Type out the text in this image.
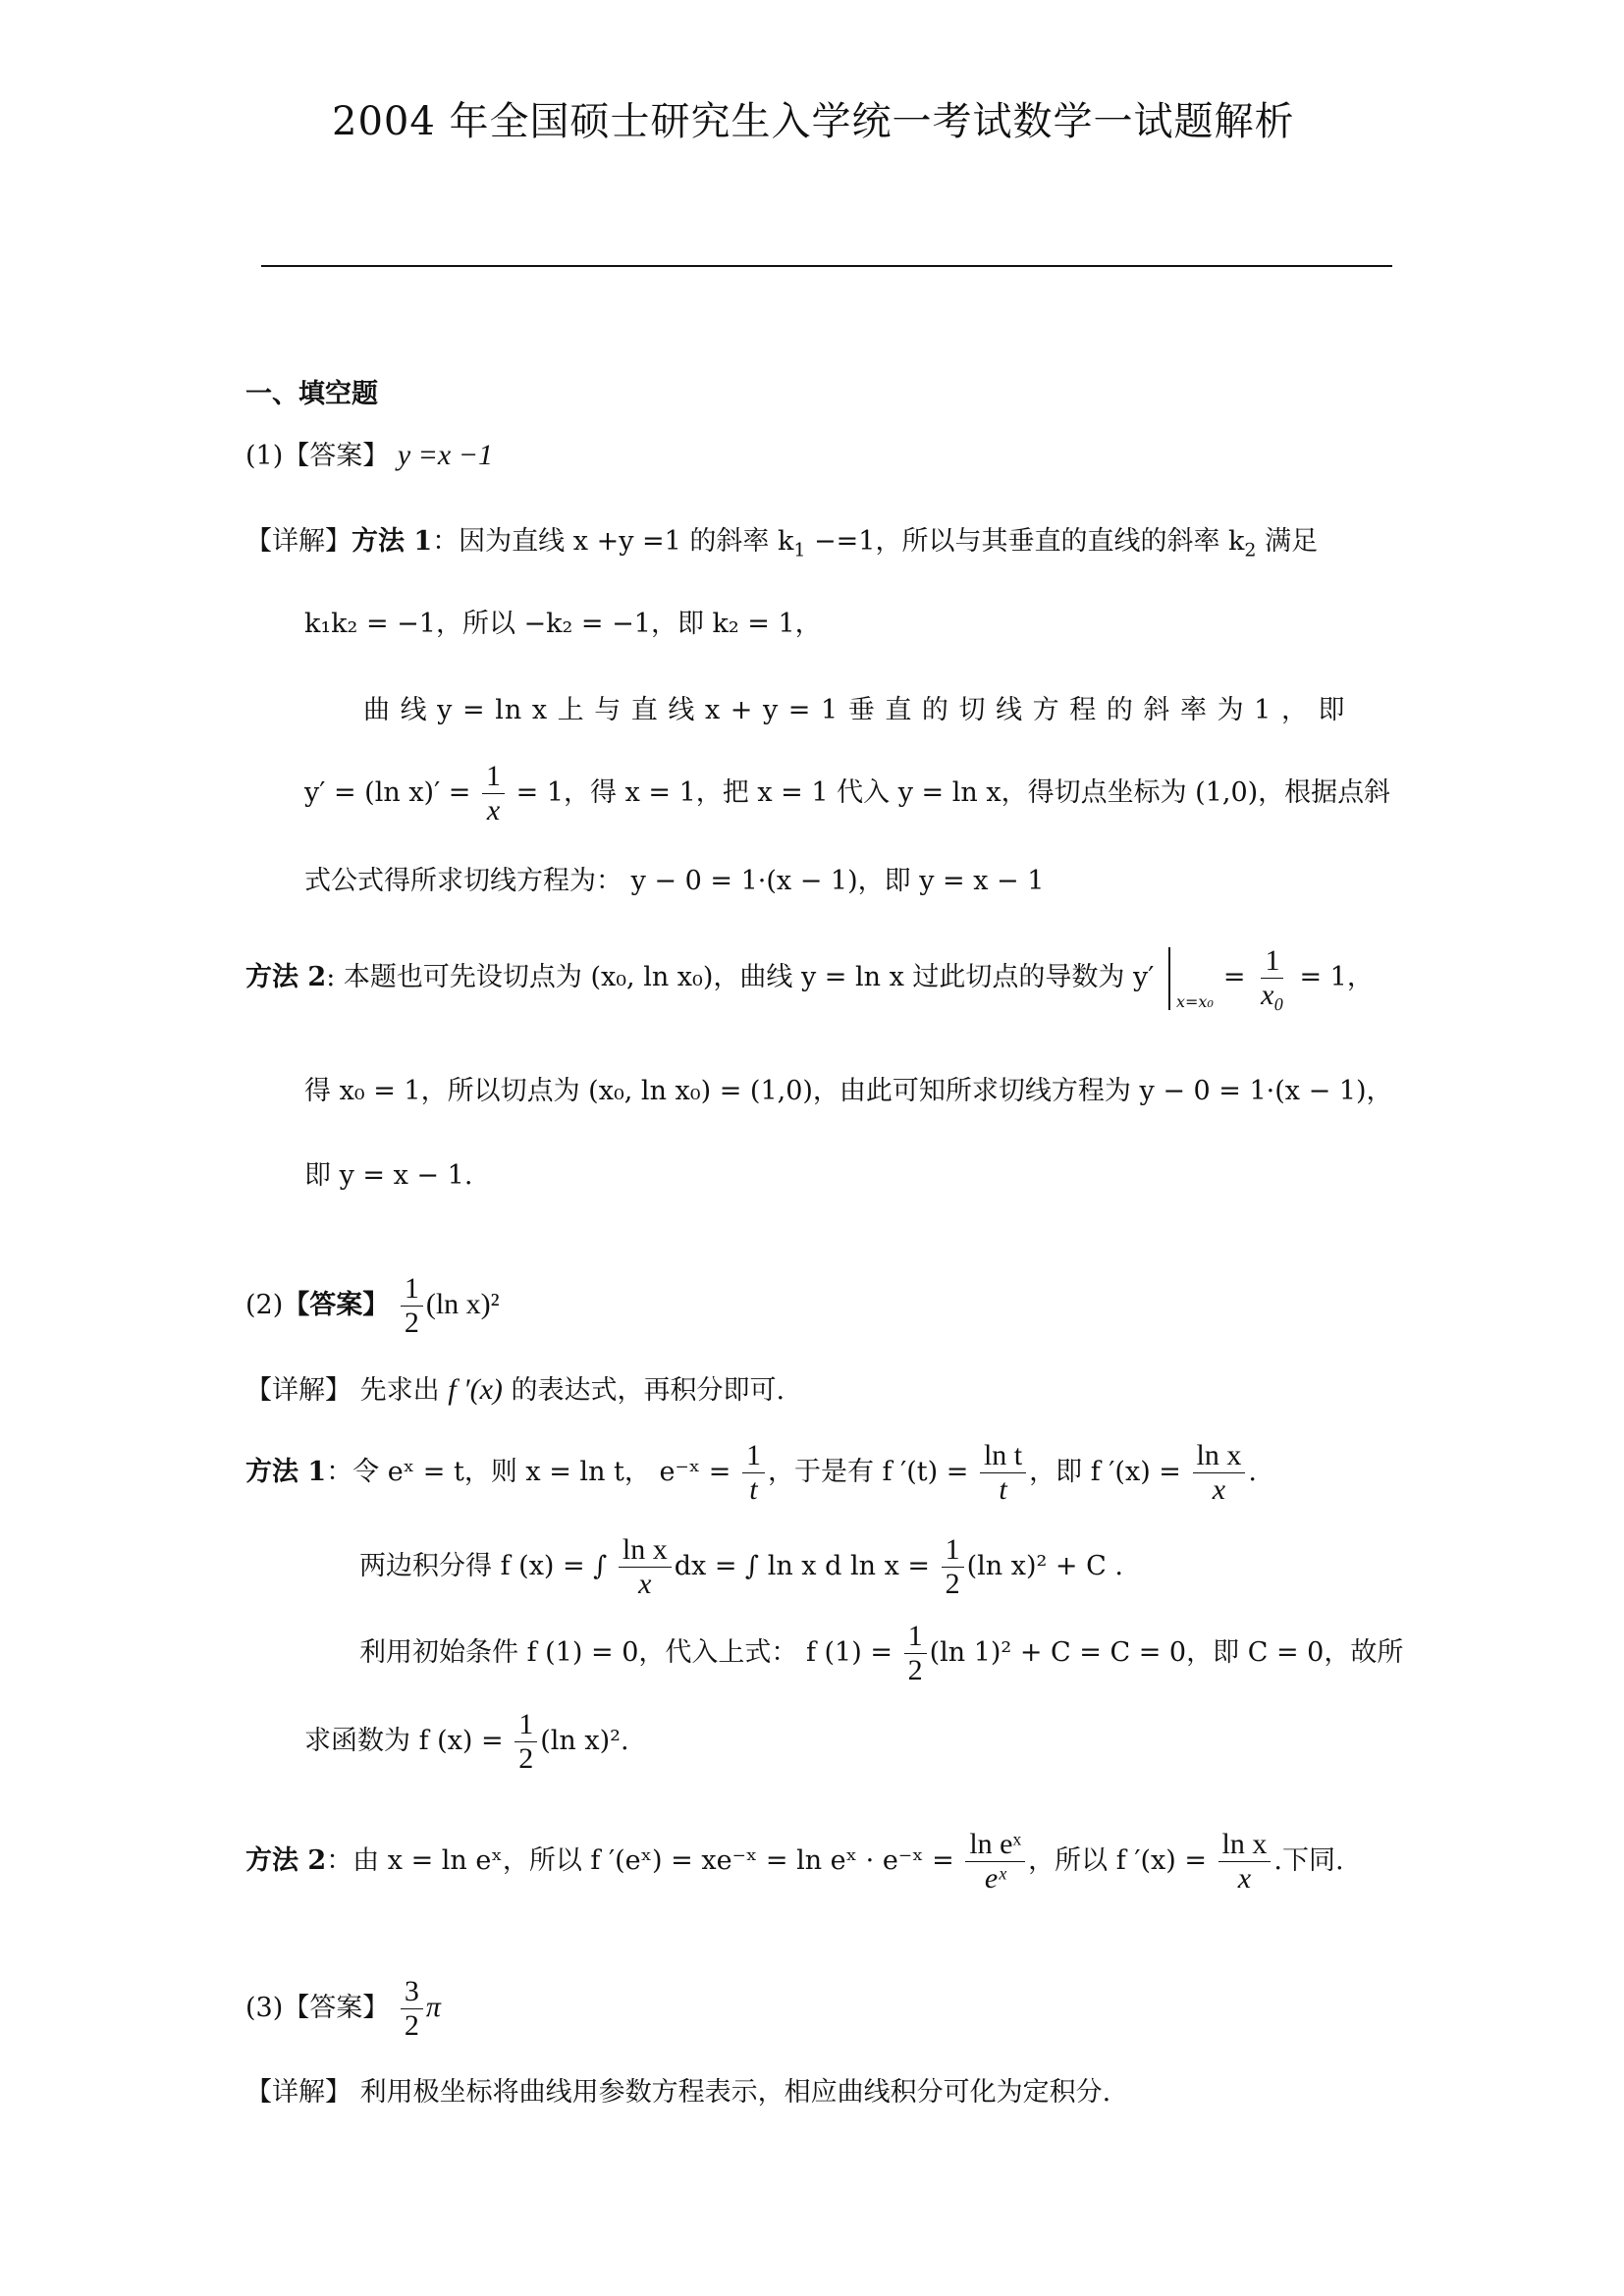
2004 年全国硕士研究生入学统一考试数学一试题解析
一、填空题
(1)【答案】 y =x −1
【详解】方法 1：因为直线 x +y =1 的斜率 $k_1 -=1$，所以与其垂直的直线的斜率 $k_2$ 满足
k₁k₂ = −1，所以 −k₂ = −1，即 k₂ = 1，
曲 线 y = ln x 上 与 直 线 x + y = 1 垂 直 的 切 线 方 程 的 斜 率 为 1 ， 即
y′ = (ln $x)' = \frac{1}{x} = 1$，得 x = 1，把 x = 1 代入 y = ln x，得切点坐标为 (1,0)，根据点斜
式公式得所求切线方程为： y − 0 = 1·(x − 1)，即 y = x − 1
方法 2: 本题也可先设切点为 (x₀, ln x₀)，曲线 y = ln x 过此切点的导数为 y′ $_{x=x_0}= \frac{1}{\text{x₀}} = 1$，
得 x₀ = 1，所以切点为 (x₀, ln x₀) = (1,0)，由此可知所求切线方程为 y − 0 = 1·(x − 1)，
即 y = x − 1.
(2)【答案】 $\frac{1}{2} (\ln$ x)²
【详解】 先求出 f ′(x) 的表达式，再积分即可.
方法 1：令 eˣ = t，则 x = ln t， e⁻ˣ = $\frac{1}{t}$ ，于是有 f $'(t) = \frac{\text{ln t}}{t}$ ，即 f $'(x) = \frac{\text{ln x}}{x}$ .
两边积分得 f (x) = ∫ $\frac{\text{ln x}}{x}$ dx = ∫ ln x d $\ln x = \frac{1}{2} (\ln$ x)² + C .
利用初始条件 f (1) = 0，代入上式： f $(1) = \frac{1}{2} (\ln$ 1)² + C = C = 0，即 C = 0，故所
求函数为 f $(x) = \frac{1}{2} (\ln$ x)².
方法 2：由 x = ln eˣ，所以 f ′(eˣ) = xe⁻ˣ = ln eˣ · e⁻ˣ = $\frac{\text{ln eˣ}}{\text{eˣ}}$ ，所以 f $'(x) = \frac{\text{ln x}}{x}$ .下同.
(3)【答案】 $\frac{3}{2}$ π
【详解】 利用极坐标将曲线用参数方程表示，相应曲线积分可化为定积分.
